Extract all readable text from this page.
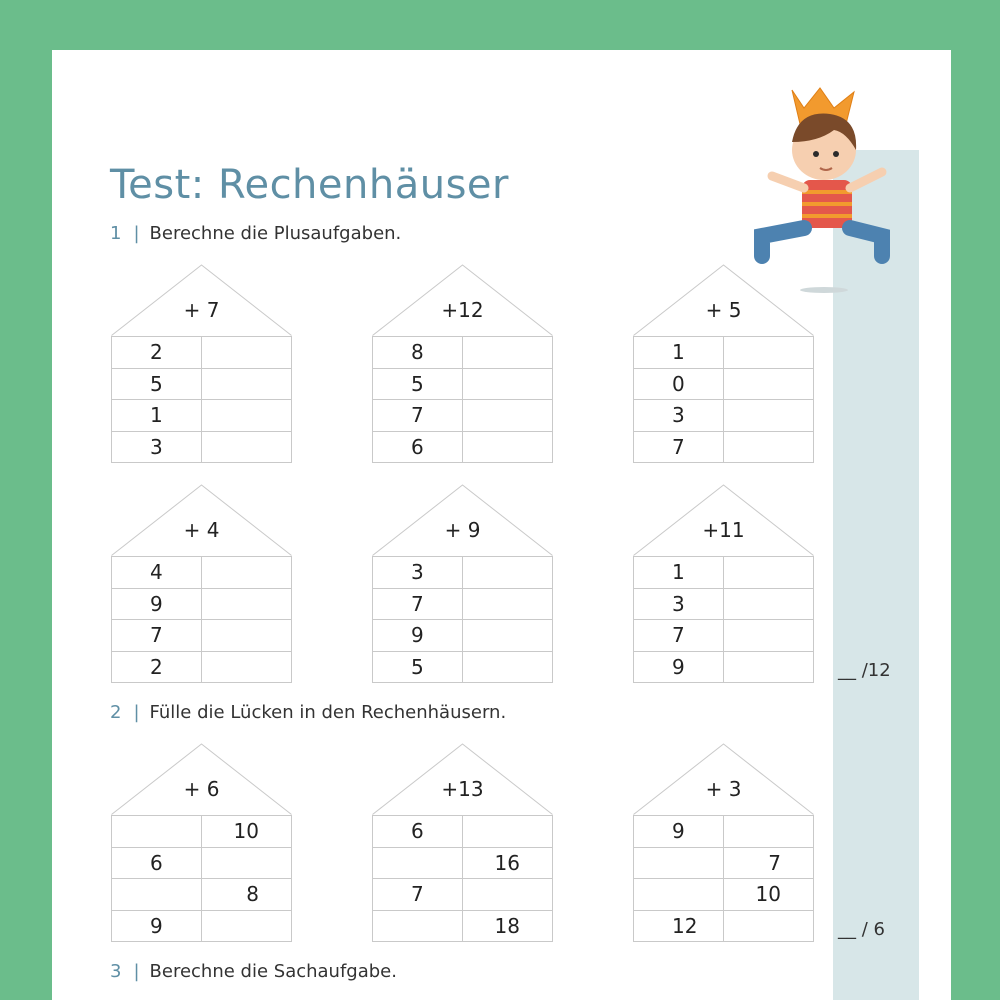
Test: Rechenhäuser
1 | Berechne die Plusaufgaben.
2 | Fülle die Lücken in den Rechenhäusern.
3 | Berechne die Sachaufgabe.
+ 7
2	
5	
1	
3	
+12
8	
5	
7	
6	
+ 5
1	
0	
3	
7	
+ 4
4	
9	
7	
2	
+ 9
3	
7	
9	
5	
+11
1	
3	
7	
9	
+ 6
	10
6	
	8
9	
+13
6	
	16
7	
	18
+ 3
9	
	7
	10
12	
__ /12
__ / 6
